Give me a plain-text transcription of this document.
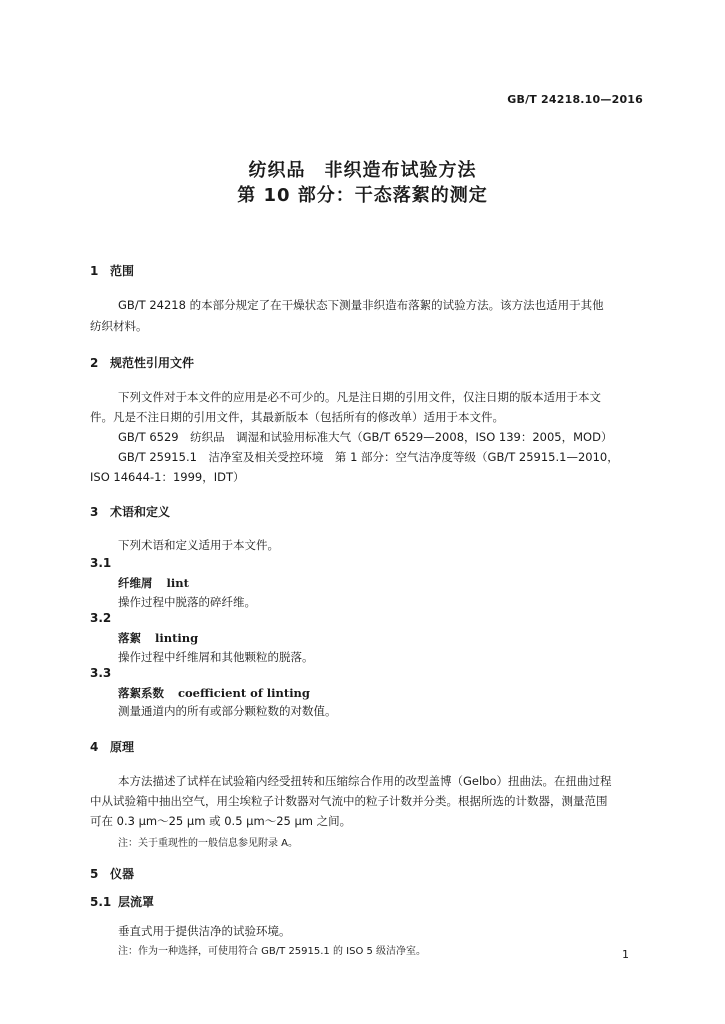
GB/T 24218.10—2016
纺织品　非织造布试验方法
第 10 部分：干态落絮的测定
1 范围
GB/T 24218 的本部分规定了在干燥状态下测量非织造布落絮的试验方法。该方法也适用于其他
纺织材料。
2 规范性引用文件
下列文件对于本文件的应用是必不可少的。凡是注日期的引用文件，仅注日期的版本适用于本文
件。凡是不注日期的引用文件，其最新版本（包括所有的修改单）适用于本文件。
GB/T 6529　纺织品　调湿和试验用标准大气（GB/T 6529—2008，ISO 139：2005，MOD）
GB/T 25915.1　洁净室及相关受控环境　第 1 部分：空气洁净度等级（GB/T 25915.1—2010，
ISO 14644-1：1999，IDT）
3 术语和定义
下列术语和定义适用于本文件。
3.1
纤维屑 lint
操作过程中脱落的碎纤维。
3.2
落絮 linting
操作过程中纤维屑和其他颗粒的脱落。
3.3
落絮系数 coefficient of linting
测量通道内的所有或部分颗粒数的对数值。
4 原理
本方法描述了试样在试验箱内经受扭转和压缩综合作用的改型盖博（Gelbo）扭曲法。在扭曲过程
中从试验箱中抽出空气，用尘埃粒子计数器对气流中的粒子计数并分类。根据所选的计数器，测量范围
可在 0.3 μm～25 μm 或 0.5 μm～25 μm 之间。
注：关于重现性的一般信息参见附录 A。
5 仪器
5.1 层流罩
垂直式用于提供洁净的试验环境。
注：作为一种选择，可使用符合 GB/T 25915.1 的 ISO 5 级洁净室。	1
